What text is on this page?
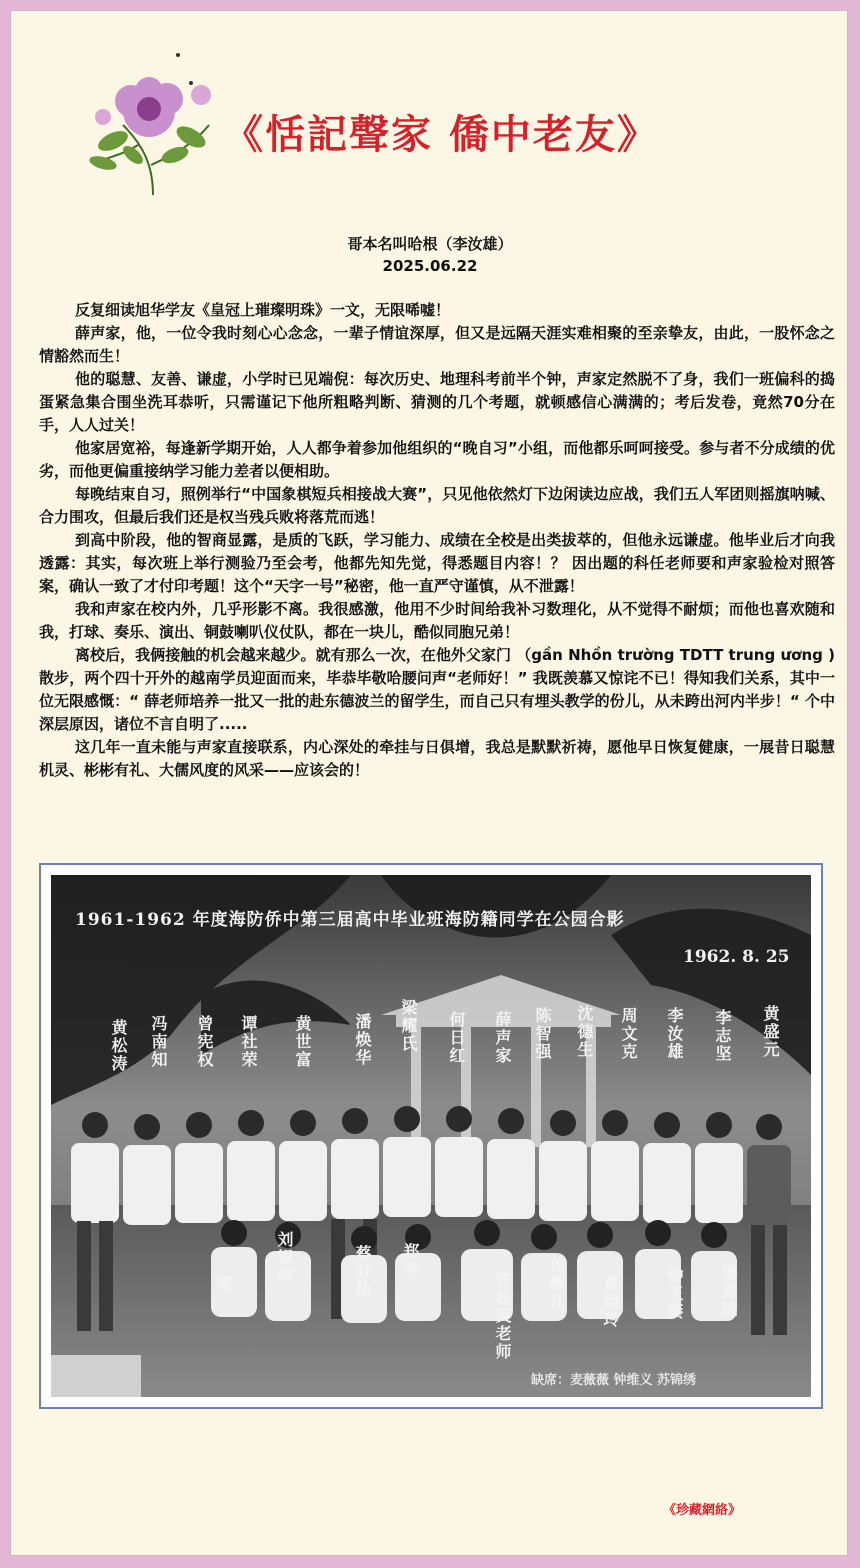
《恬記聲家 僑中老友》
哥本名叫哈根（李汝雄）
2025.06.22

反复细读旭华学友《皇冠上璀璨明珠》一文，无限唏嘘！

薛声家，他，一位令我时刻心心念念，一辈子情谊深厚，但又是远隔天涯实难相聚的至亲挚友，由此，一股怀念之情豁然而生！

他的聪慧、友善、谦虚，小学时已见端倪：每次历史、地理科考前半个钟，声家定然脱不了身，我们一班偏科的捣蛋紧急集合围坐洗耳恭听，只需谨记下他所粗略判断、猜测的几个考题，就顿感信心满满的；考后发卷，竟然70分在手，人人过关！

他家居宽裕，每逢新学期开始，人人都争着参加他组织的“晚自习”小组，而他都乐呵呵接受。参与者不分成绩的优劣，而他更偏重接纳学习能力差者以便相助。

每晚结束自习，照例举行“中国象棋短兵相接战大赛”，只见他依然灯下边闲读边应战，我们五人军团则摇旗呐喊、合力围攻，但最后我们还是权当残兵败将落荒而逃！

到高中阶段，他的智商显露，是质的飞跃，学习能力、成绩在全校是出类拔萃的，但他永远谦虚。他毕业后才向我透露：其实，每次班上举行测验乃至会考，他都先知先觉，得悉题目内容！？ 因出题的科任老师要和声家验检对照答案，确认一致了才付印考题！这个“天字一号”秘密，他一直严守谨慎，从不泄露！

我和声家在校内外，几乎形影不离。我很感激，他用不少时间给我补习数理化，从不觉得不耐烦；而他也喜欢随和我，打球、奏乐、演出、铜鼓喇叭仪仗队，都在一块儿，酷似同胞兄弟！

离校后，我俩接触的机会越来越少。就有那么一次，在他外父家门 （gần Nhồn trường TDTT trung ương )散步，两个四十开外的越南学员迎面而来，毕恭毕敬哈腰问声“老师好！” 我既羡慕又惊诧不已！得知我们关系，其中一位无限感慨：“ 薛老师培养一批又一批的赴东德波兰的留学生，而自己只有埋头教学的份儿，从未跨出河内半步！“ 个中深层原因，诸位不言自明了.....

这几年一直未能与声家直接联系，内心深处的牵挂与日俱增，我总是默默祈祷，愿他早日恢复健康，一展昔日聪慧机灵、彬彬有礼、大儒风度的风采——应该会的！

1961-1962 年度海防侨中第三届高中毕业班海防籍同学在公园合影
1962. 8. 25
黄松涛 冯南知 曾宪权 谭社荣 黄世富	潘焕华 梁耀氏 何日红 薛声家 陈智强 沈德生 周文克 李汝雄 李志坚 黄盛元
梁	刘银娇	蔡时佳 郑秀
许桂英老师 侯薇儿 黄丽玲	钟玉葵 潘秀琼
缺席：麦薇薇 钟维义 苏锦绣
《珍藏網絡》
